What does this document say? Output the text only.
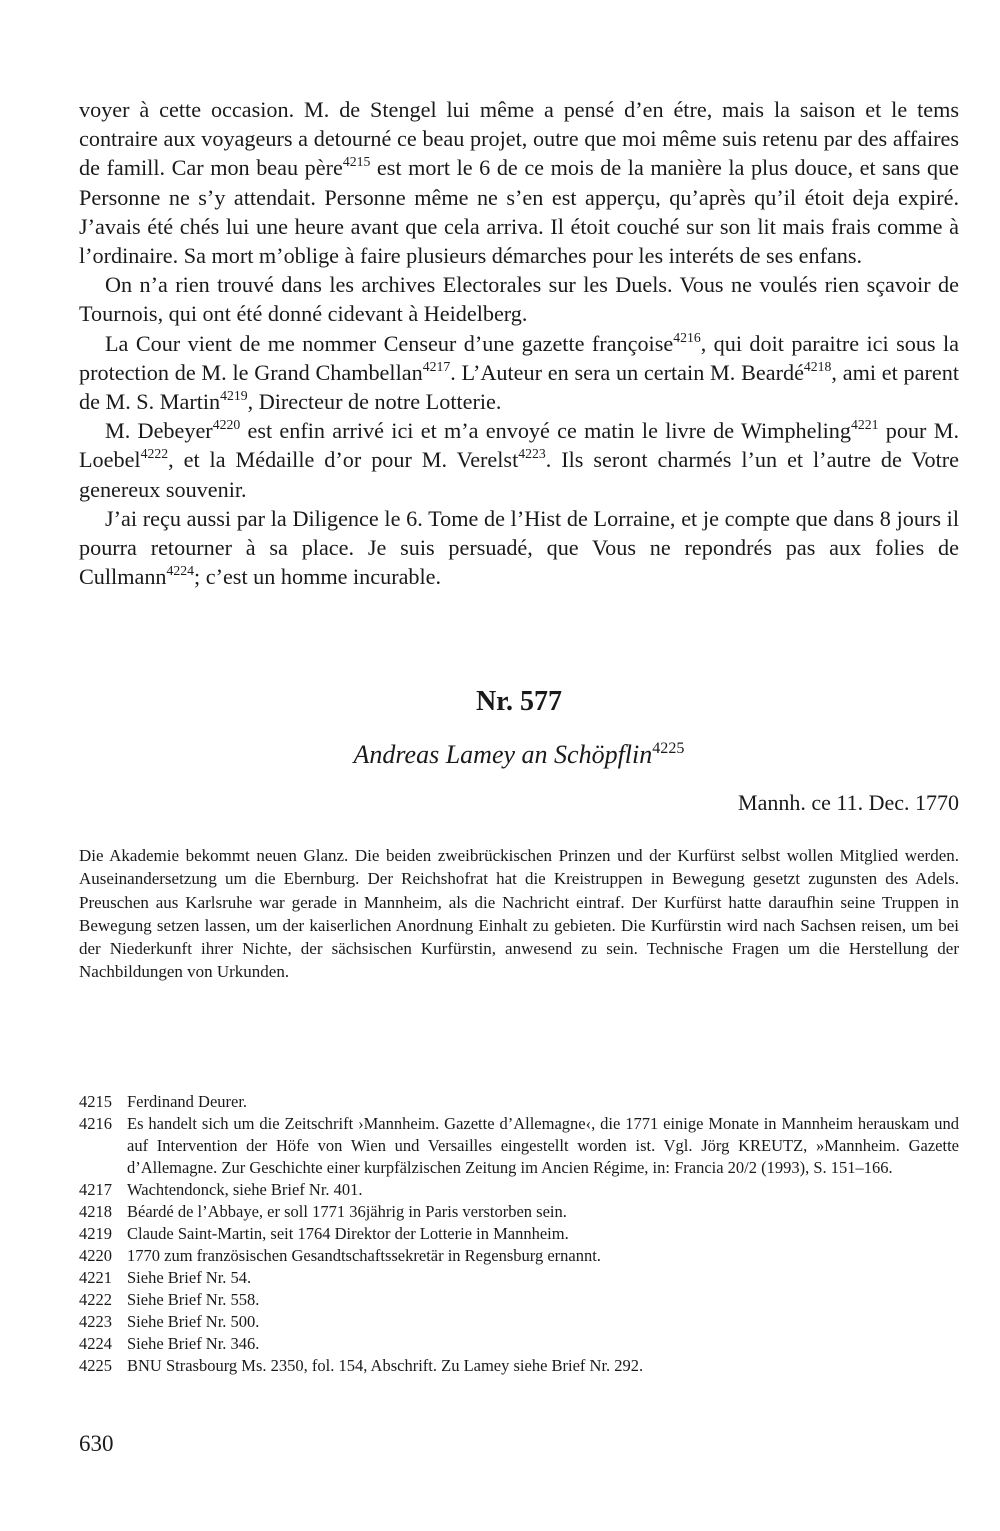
voyer à cette occasion. M. de Stengel lui même a pensé d’en étre, mais la saison et le tems contraire aux voyageurs a detourné ce beau projet, outre que moi même suis retenu par des affaires de famill. Car mon beau père$^{4215}$ est mort le 6 de ce mois de la manière la plus douce, et sans que Personne ne s’y attendait. Personne même ne s’en est apperçu, qu’après qu’il étoit deja expiré. J’avais été chés lui une heure avant que cela arriva. Il étoit couché sur son lit mais frais comme à l’ordinaire. Sa mort m’oblige à faire plusieurs démarches pour les interéts de ses enfans.

On n’a rien trouvé dans les archives Electorales sur les Duels. Vous ne voulés rien sçavoir de Tournois, qui ont été donné cidevant à Heidelberg.

La Cour vient de me nommer Censeur d’une gazette françoise$^{4216}$, qui doit paraitre ici sous la protection de M. le Grand Chambellan$^{4217}$. L’Auteur en sera un certain M. Beardé$^{4218}$, ami et parent de M. S. Martin$^{4219}$, Directeur de notre Lotterie.

M. Debeyer$^{4220}$ est enfin arrivé ici et m’a envoyé ce matin le livre de Wimpheling$^{4221}$ pour M. Loebel$^{4222}$, et la Médaille d’or pour M. Verelst$^{4223}$. Ils seront charmés l’un et l’autre de Votre genereux souvenir.

J’ai reçu aussi par la Diligence le 6. Tome de l’Hist de Lorraine, et je compte que dans 8 jours il pourra retourner à sa place. Je suis persuadé, que Vous ne repondrés pas aux folies de Cullmann$^{4224}$; c’est un homme incurable.

Nr. 577
Andreas Lamey an Schöpflin$^{4225}$
Mannh. ce 11. Dec. 1770
Die Akademie bekommt neuen Glanz. Die beiden zweibrückischen Prinzen und der Kurfürst selbst wollen Mitglied werden. Auseinandersetzung um die Ebernburg. Der Reichshofrat hat die Kreistruppen in Bewegung gesetzt zugunsten des Adels. Preuschen aus Karlsruhe war gerade in Mannheim, als die Nachricht eintraf. Der Kurfürst hatte daraufhin seine Truppen in Bewegung setzen lassen, um der kaiserlichen Anordnung Einhalt zu gebieten. Die Kurfürstin wird nach Sachsen reisen, um bei der Niederkunft ihrer Nichte, der sächsischen Kurfürstin, anwesend zu sein. Technische Fragen um die Herstellung der Nachbildungen von Urkunden.
4215 Ferdinand Deurer.
4216 Es handelt sich um die Zeitschrift ›Mannheim. Gazette d’Allemagne‹, die 1771 einige Monate in Mannheim herauskam und auf Intervention der Höfe von Wien und Versailles eingestellt worden ist. Vgl. Jörg KREUTZ, »Mannheim. Gazette d’Allemagne. Zur Geschichte einer kurpfälzischen Zeitung im Ancien Régime, in: Francia 20/2 (1993), S. 151–166.
4217 Wachtendonck, siehe Brief Nr. 401.
4218 Béardé de l’Abbaye, er soll 1771 36jährig in Paris verstorben sein.
4219 Claude Saint-Martin, seit 1764 Direktor der Lotterie in Mannheim.
4220 1770 zum französischen Gesandtschaftssekretär in Regensburg ernannt.
4221 Siehe Brief Nr. 54.
4222 Siehe Brief Nr. 558.
4223 Siehe Brief Nr. 500.
4224 Siehe Brief Nr. 346.
4225 BNU Strasbourg Ms. 2350, fol. 154, Abschrift. Zu Lamey siehe Brief Nr. 292.
630
